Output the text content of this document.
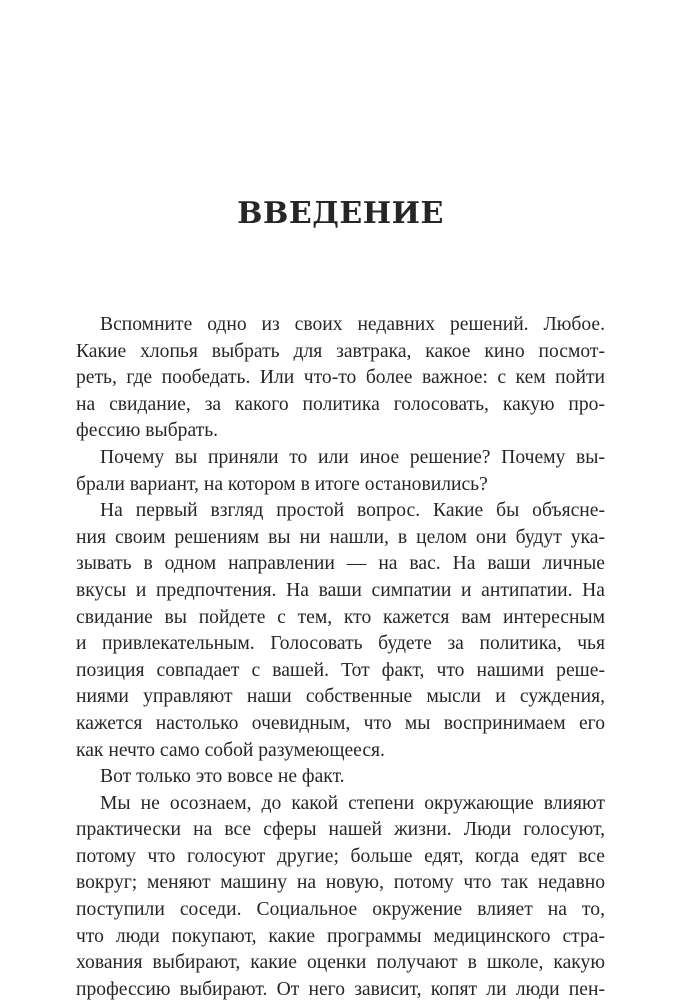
ВВЕДЕНИЕ
Вспомните одно из своих недавних решений. Любое.
Какие хлопья выбрать для завтрака, какое кино посмот-
реть, где пообедать. Или что-то более важное: с кем пойти
на свидание, за какого политика голосовать, какую про-
фессию выбрать.
Почему вы приняли то или иное решение? Почему вы-
брали вариант, на котором в итоге остановились?
На первый взгляд простой вопрос. Какие бы объясне-
ния своим решениям вы ни нашли, в целом они будут ука-
зывать в одном направлении — на вас. На ваши личные
вкусы и предпочтения. На ваши симпатии и антипатии. На
свидание вы пойдете с тем, кто кажется вам интересным
и привлекательным. Голосовать будете за политика, чья
позиция совпадает с вашей. Тот факт, что нашими реше-
ниями управляют наши собственные мысли и суждения,
кажется настолько очевидным, что мы воспринимаем его
как нечто само собой разумеющееся.
Вот только это вовсе не факт.
Мы не осознаем, до какой степени окружающие влияют
практически на все сферы нашей жизни. Люди голосуют,
потому что голосуют другие; больше едят, когда едят все
вокруг; меняют машину на новую, потому что так недавно
поступили соседи. Социальное окружение влияет на то,
что люди покупают, какие программы медицинского стра-
хования выбирают, какие оценки получают в школе, какую
профессию выбирают. От него зависит, копят ли люди пен-
